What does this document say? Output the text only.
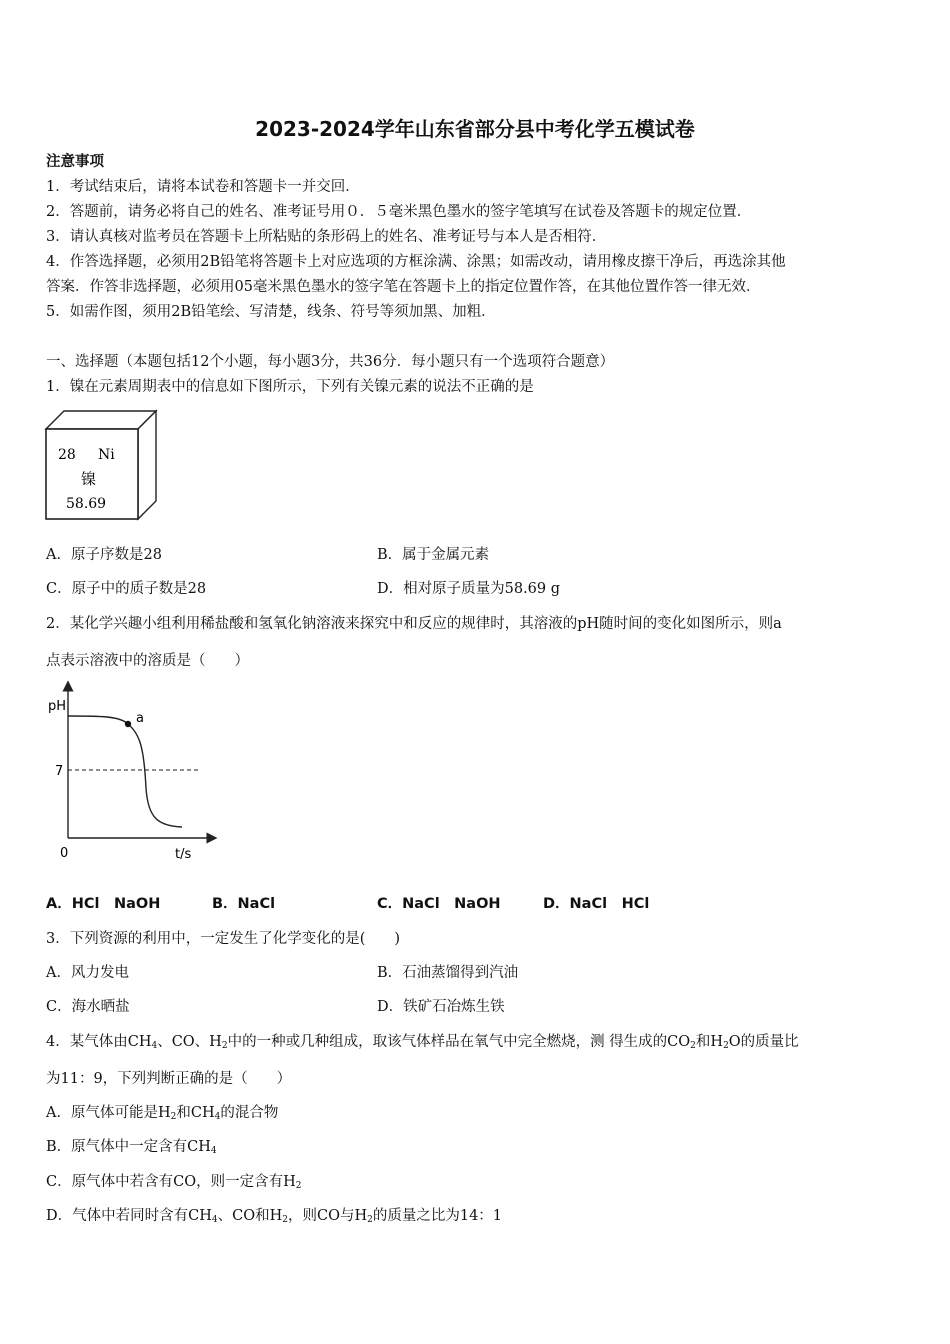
2023-2024学年山东省部分县中考化学五模试卷
注意事项
1．考试结束后，请将本试卷和答题卡一并交回．
2．答题前，请务必将自己的姓名、准考证号用０．５毫米黑色墨水的签字笔填写在试卷及答题卡的规定位置．
3．请认真核对监考员在答题卡上所粘贴的条形码上的姓名、准考证号与本人是否相符．
4．作答选择题，必须用2B铅笔将答题卡上对应选项的方框涂满、涂黑；如需改动，请用橡皮擦干净后，再选涂其他
答案．作答非选择题，必须用05毫米黑色墨水的签字笔在答题卡上的指定位置作答，在其他位置作答一律无效．
5．如需作图，须用2B铅笔绘、写清楚，线条、符号等须加黑、加粗．
一、选择题（本题包括12个小题，每小题3分，共36分．每小题只有一个选项符合题意）
1．镍在元素周期表中的信息如下图所示，下列有关镍元素的说法不正确的是
28 Ni
镍
58.69
A．原子序数是28	B．属于金属元素
C．原子中的质子数是28	D．相对原子质量为58.69 g
2．某化学兴趣小组利用稀盐酸和氢氧化钠溶液来探究中和反应的规律时，其溶液的pH随时间的变化如图所示，则a
点表示溶液中的溶质是（　　）
a
pH
7
0	t/s
A．HCl　NaOH	B．NaCl	C．NaCl　NaOH	D．NaCl　HCl
3．下列资源的利用中，一定发生了化学变化的是(　　)
A．风力发电	B．石油蒸馏得到汽油
C．海水晒盐	D．铁矿石冶炼生铁
4．某气体由$CH_4$、CO、$H_2$中的一种或几种组成，取该气体样品在氧气中完全燃烧，测 得生成的$CO_2$和$H_2O$的质量比
为11：9，下列判断正确的是（　　）
A．原气体可能是$H_2$和$CH_4$的混合物
B．原气体中一定含有$CH_4$
C．原气体中若含有CO，则一定含有$H_2$
D．气体中若同时含有$CH_4$、CO和$H_2$，则CO与$H_2$的质量之比为14：1
